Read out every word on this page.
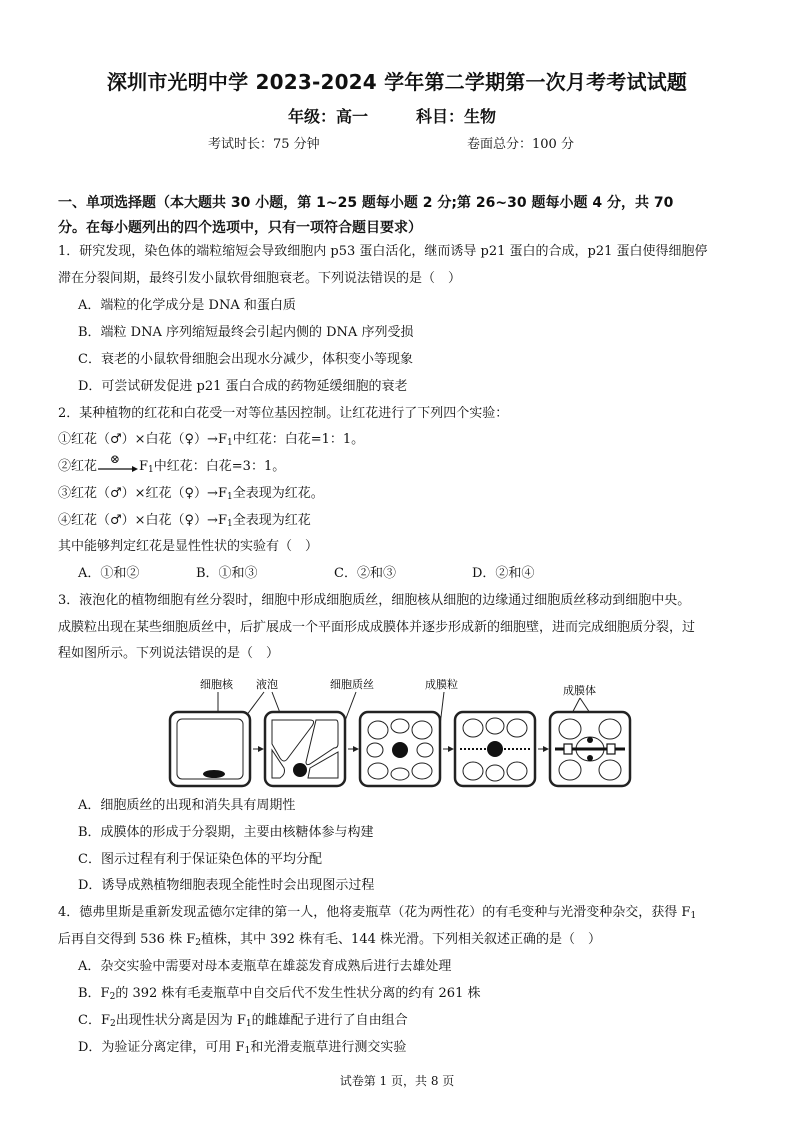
深圳市光明中学 2023-2024 学年第二学期第一次月考考试试题
年级：高一	科目：生物
考试时长：75 分钟	卷面总分：100 分
一、单项选择题（本大题共 30 小题，第 1~25 题每小题 2 分;第 26~30 题每小题 4 分，共 70
分。在每小题列出的四个选项中，只有一项符合题目要求）
1．研究发现，染色体的端粒缩短会导致细胞内 p53 蛋白活化，继而诱导 p21 蛋白的合成，p21 蛋白使得细胞停
滞在分裂间期，最终引发小鼠软骨细胞衰老。下列说法错误的是（　）
A．端粒的化学成分是 DNA 和蛋白质
B．端粒 DNA 序列缩短最终会引起内侧的 DNA 序列受损
C．衰老的小鼠软骨细胞会出现水分减少，体积变小等现象
D．可尝试研发促进 p21 蛋白合成的药物延缓细胞的衰老
2．某种植物的红花和白花受一对等位基因控制。让红花进行了下列四个实验：
①红花（♂）×白花$(♀)\to F_1$中红花：白花=1：1。
②红花
⊗
$F_1$中红花：白花=3：1。
③红花（♂）×红花$(♀)\to F_1$全表现为红花。
④红花（♂）×白花$(♀)\to F_1$全表现为红花
其中能够判定红花是显性性状的实验有（　）
A．①和②	B．①和③	C．②和③	D．②和④
3．液泡化的植物细胞有丝分裂时，细胞中形成细胞质丝，细胞核从细胞的边缘通过细胞质丝移动到细胞中央。
成膜粒出现在某些细胞质丝中，后扩展成一个平面形成成膜体并逐步形成新的细胞壁，进而完成细胞质分裂，过
程如图所示。下列说法错误的是（　）
细胞核 液泡	细胞质丝	成膜粒	成膜体
A．细胞质丝的出现和消失具有周期性
B．成膜体的形成于分裂期，主要由核糖体参与构建
C．图示过程有利于保证染色体的平均分配
D．诱导成熟植物细胞表现全能性时会出现图示过程
4．德弗里斯是重新发现孟德尔定律的第一人，他将麦瓶草（花为两性花）的有毛变种与光滑变种杂交，获得 $F_1$
后再自交得到 536 株 $F_2$植株，其中 392 株有毛、144 株光滑。下列相关叙述正确的是（　）
A．杂交实验中需要对母本麦瓶草在雄蕊发育成熟后进行去雄处理
B．$F_2$的 392 株有毛麦瓶草中自交后代不发生性状分离的约有 261 株
C．$F_2$出现性状分离是因为 $F_1$的雌雄配子进行了自由组合
D．为验证分离定律，可用 $F_1$和光滑麦瓶草进行测交实验
试卷第 1 页，共 8 页
